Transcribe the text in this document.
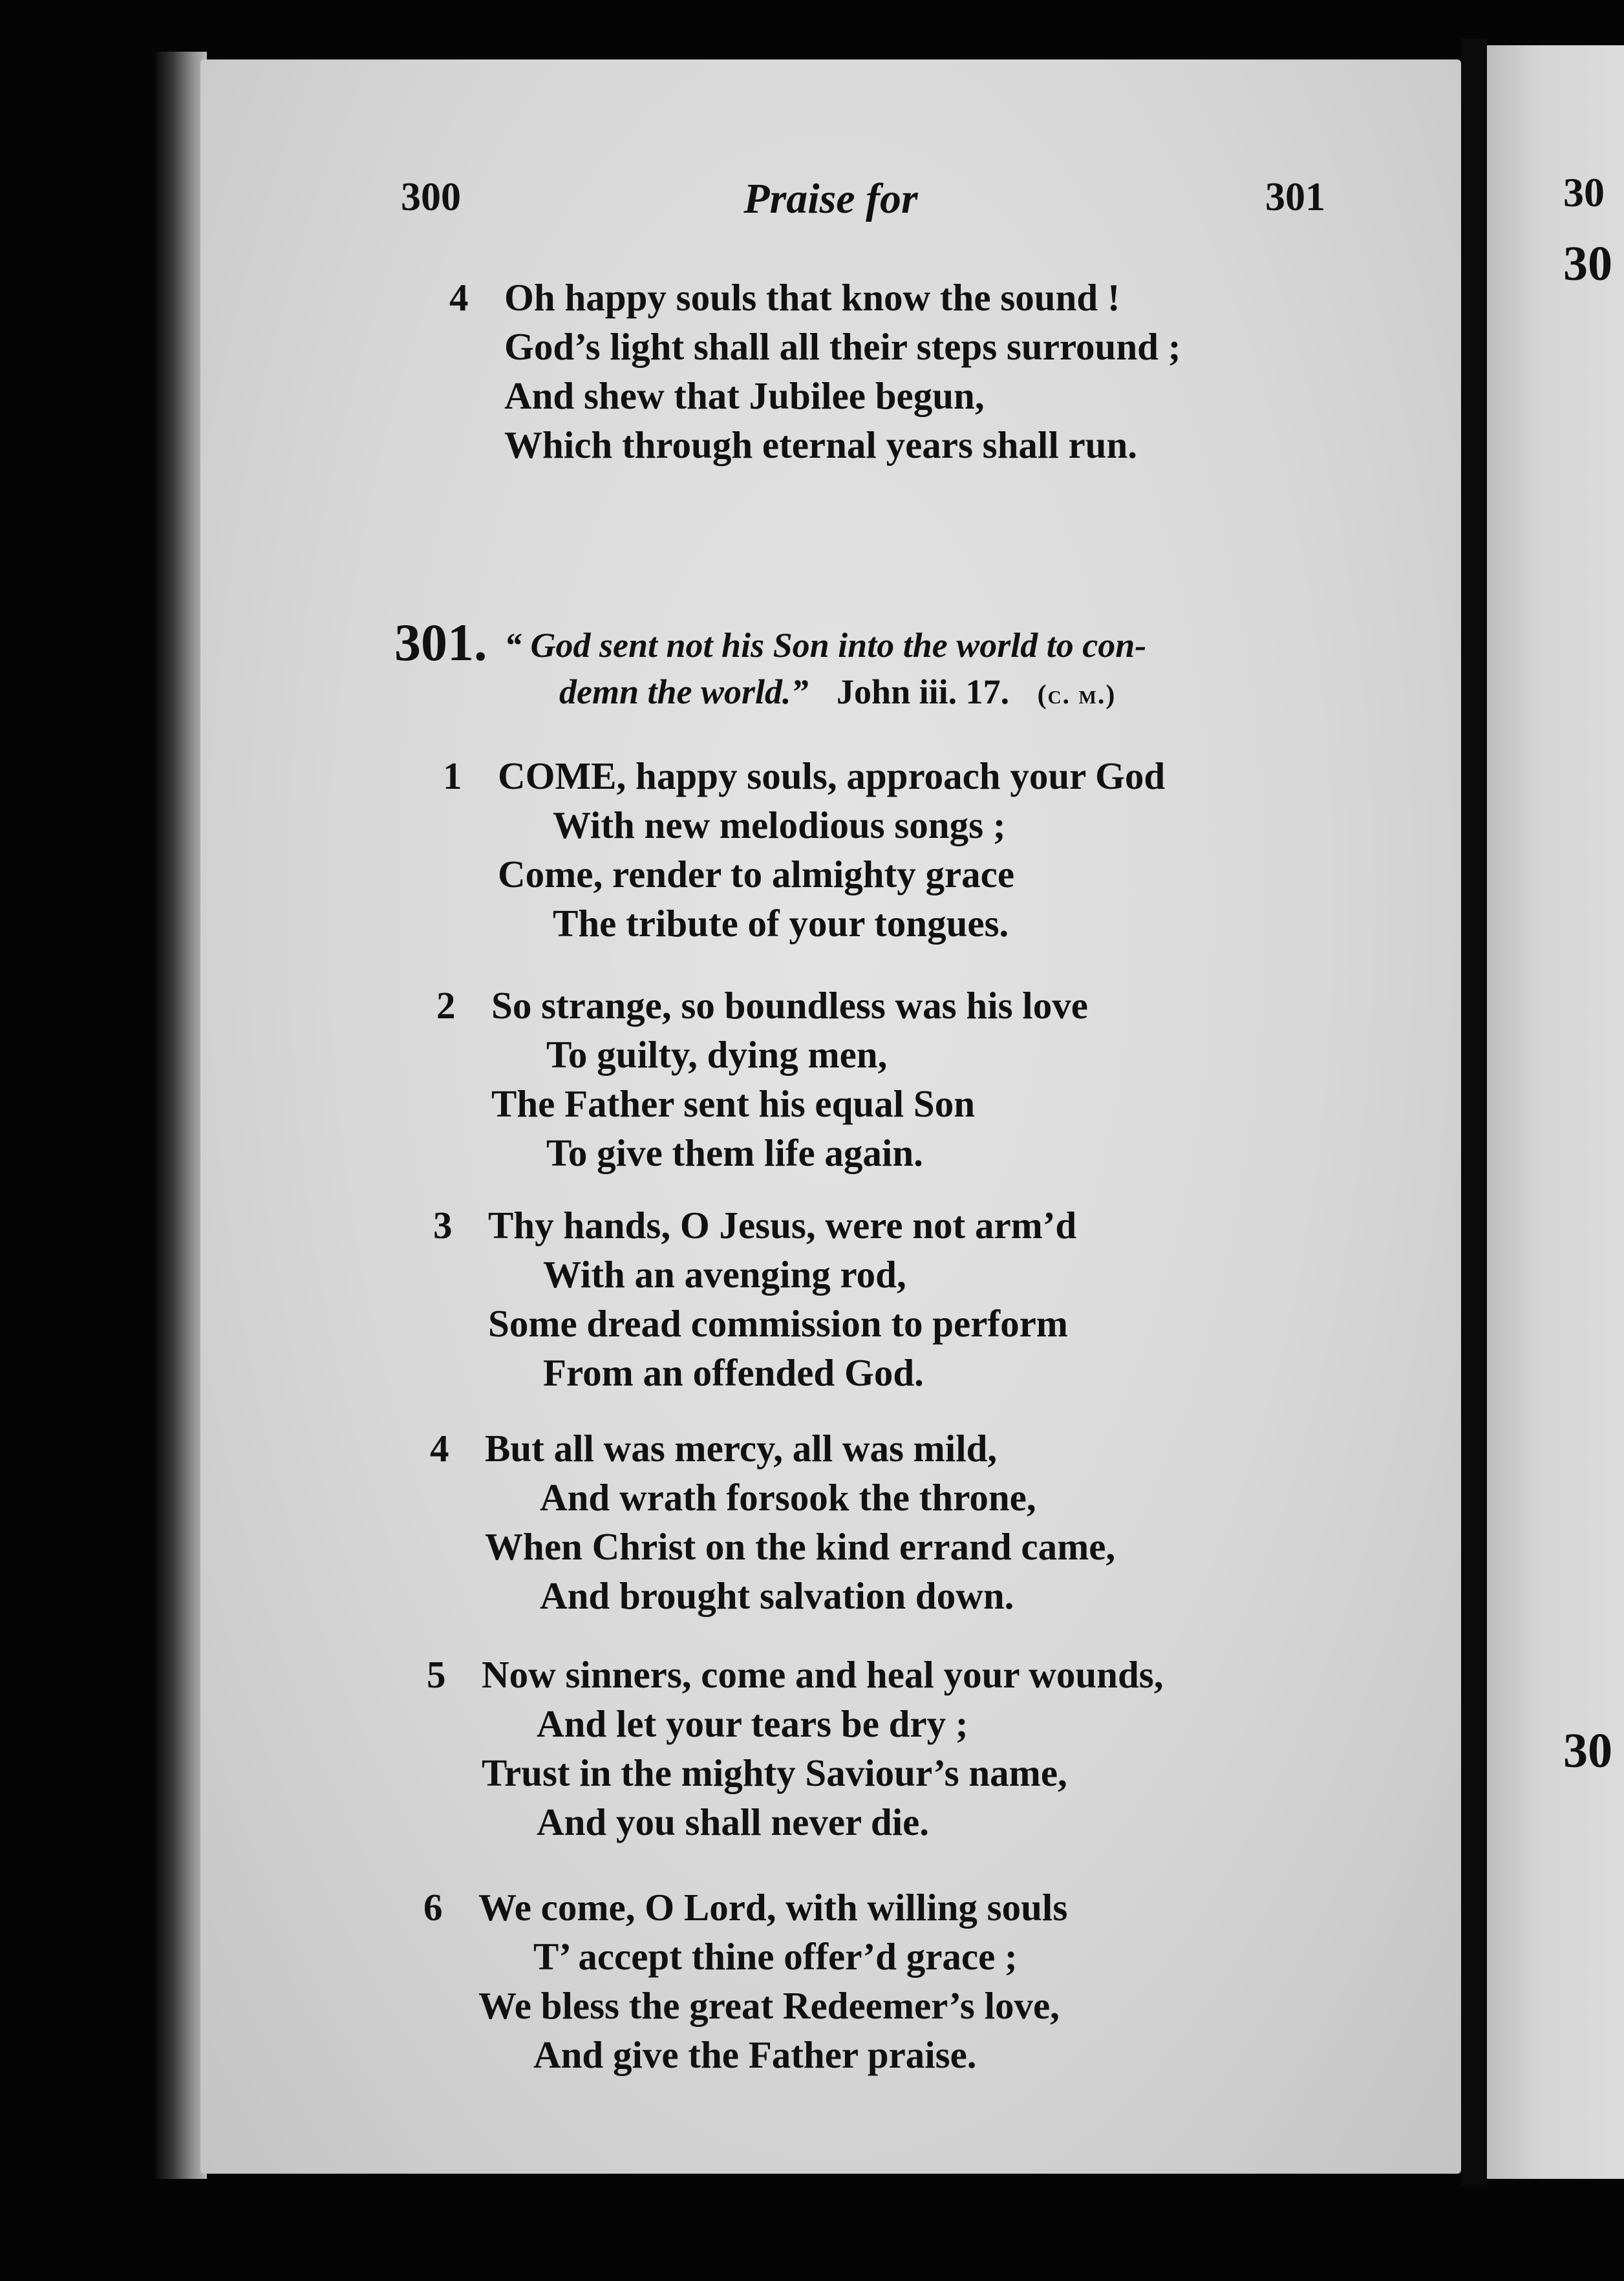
300	Praise for	301
4 Oh happy souls that know the sound !
God’s light shall all their steps surround ;
And shew that Jubilee begun,
Which through eternal years shall run.
301. “ God sent not his Son into the world to con-
demn the world.” John iii. 17. (c. m.)
1 COME, happy souls, approach your God
With new melodious songs ;
Come, render to almighty grace
The tribute of your tongues.
2 So strange, so boundless was his love
To guilty, dying men,
The Father sent his equal Son
To give them life again.
3 Thy hands, O Jesus, were not arm’d
With an avenging rod,
Some dread commission to perform
From an offended God.
4 But all was mercy, all was mild,
And wrath forsook the throne,
When Christ on the kind errand came,
And brought salvation down.
5 Now sinners, come and heal your wounds,
And let your tears be dry ;
Trust in the mighty Saviour’s name,
And you shall never die.
6 We come, O Lord, with willing souls
T’ accept thine offer’d grace ;
We bless the great Redeemer’s love,
And give the Father praise.
30
30
30
